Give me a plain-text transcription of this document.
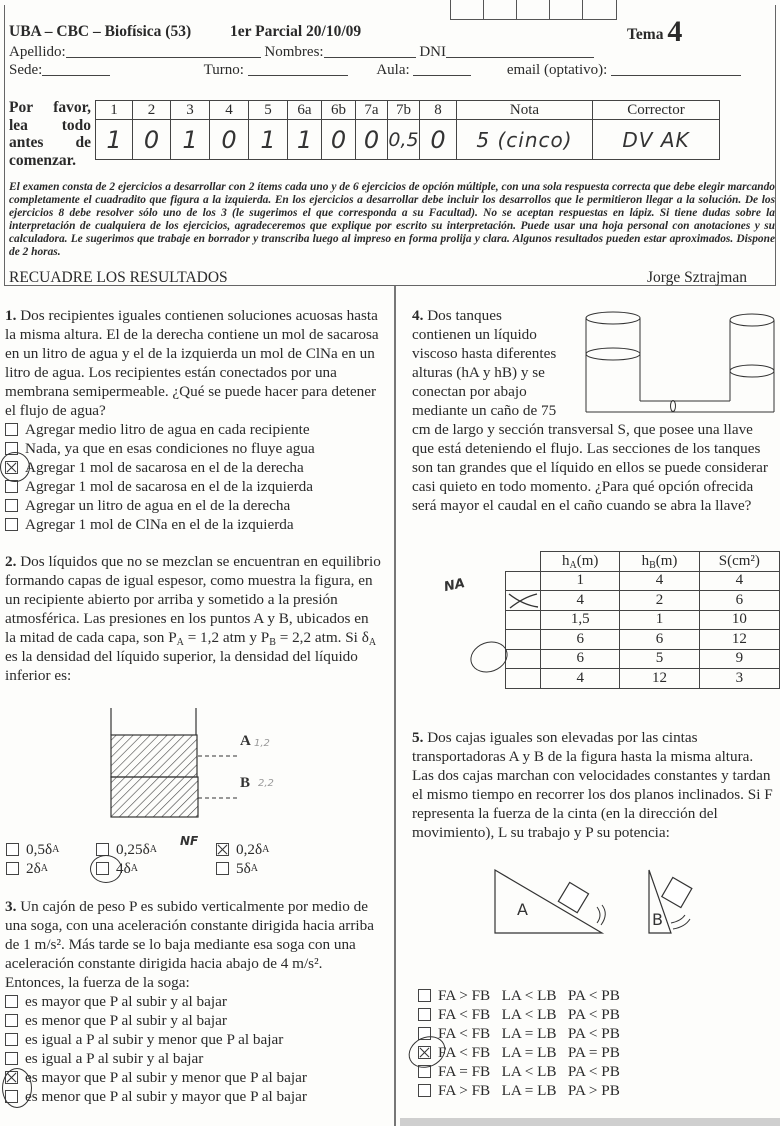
UBA – CBC – Biofísica (53)	1er Parcial 20/10/09	Tema 4
Apellido:	Nombres:	DNI
Sede:	Turno:	Aula:	email (optativo):
Por favor,
lea todo
antes de
comenzar.
1	2	3	4	5	6a	6b	7a	7b	8	Nota	Corrector
1	0	1	0	1	1	0	0	0,5	0	5 (cinco)	DV AK
El examen consta de 2 ejercicios a desarrollar con 2 ítems cada uno y de 6 ejercicios de opción múltiple, con una sola respuesta correcta que debe elegir marcando completamente el cuadradito que figura a la izquierda. En los ejercicios a desarrollar debe incluir los desarrollos que le permitieron llegar a la solución. De los ejercicios 8 debe resolver sólo uno de los 3 (le sugerimos el que corresponda a su Facultad). No se aceptan respuestas en lápiz. Si tiene dudas sobre la interpretación de cualquiera de los ejercicios, agradeceremos que explique por escrito su interpretación. Puede usar una hoja personal con anotaciones y su calculadora. Le sugerimos que trabaje en borrador y transcriba luego al impreso en forma prolija y clara. Algunos resultados pueden estar aproximados. Dispone de 2 horas.
RECUADRE LOS RESULTADOS	Jorge Sztrajman
1. Dos recipientes iguales contienen soluciones acuosas hasta la misma altura. El de la derecha contiene un mol de sacarosa en un litro de agua y el de la izquierda un mol de ClNa en un litro de agua. Los recipientes están conectados por una membrana semipermeable. ¿Qué se puede hacer para detener el flujo de agua?
Agregar medio litro de agua en cada recipiente
Nada, ya que en esas condiciones no fluye agua
Agregar 1 mol de sacarosa en el de la derecha
Agregar 1 mol de sacarosa en el de la izquierda
Agregar un litro de agua en el de la derecha
Agregar 1 mol de ClNa en el de la izquierda
2. Dos líquidos que no se mezclan se encuentran en equilibrio formando capas de igual espesor, como muestra la figura, en un recipiente abierto por arriba y sometido a la presión atmosférica. Las presiones en los puntos A y B, ubicados en la mitad de cada capa, son $P_A = 1,2$ atm y $P_B = 2,2$ atm. Si $\delta_A$ es la densidad del líquido superior, la densidad del líquido inferior es:
A 1,2
B 2,2
0,5δ A	0,25δ A	0,2δ A
2δ A	4δ A	5δ A
NF
3. Un cajón de peso P es subido verticalmente por medio de una soga, con una aceleración constante dirigida hacia arriba de 1 m/s². Más tarde se lo baja mediante esa soga con una aceleración constante dirigida hacia abajo de 4 m/s². Entonces, la fuerza de la soga:
es mayor que P al subir y al bajar
es menor que P al subir y al bajar
es igual a P al subir y menor que P al bajar
es igual a P al subir y al bajar
es mayor que P al subir y menor que P al bajar
es menor que P al subir y mayor que P al bajar
4. Dos tanques contienen un líquido viscoso hasta diferentes alturas (hA y hB) y se conectan por abajo mediante un caño de 75
cm de largo y sección transversal S, que posee una llave que está deteniendo el flujo. Las secciones de los tanques son tan grandes que el líquido en ellos se puede considerar casi quieto en todo momento. ¿Para qué opción ofrecida será mayor el caudal en el caño cuando se abra la llave?
	$h_A(m)$	$h_B(m)$	S(cm²)
	1	4	4

	4	2	6
	1,5	1	10
	6	6	12
	6	5	9
	4	12	3
NA
5. Dos cajas iguales son elevadas por las cintas transportadoras A y B de la figura hasta la misma altura. Las dos cajas marchan con velocidades constantes y tardan el mismo tiempo en recorrer los dos planos inclinados. Si F representa la fuerza de la cinta (en la dirección del movimiento), L su trabajo y P su potencia:
A
B
FA > FB   LA < LB   PA < PB
FA < FB   LA < LB   PA < PB
FA < FB   LA = LB   PA < PB
FA < FB   LA = LB   PA = PB
FA = FB   LA < LB   PA < PB
FA > FB   LA = LB   PA > PB
